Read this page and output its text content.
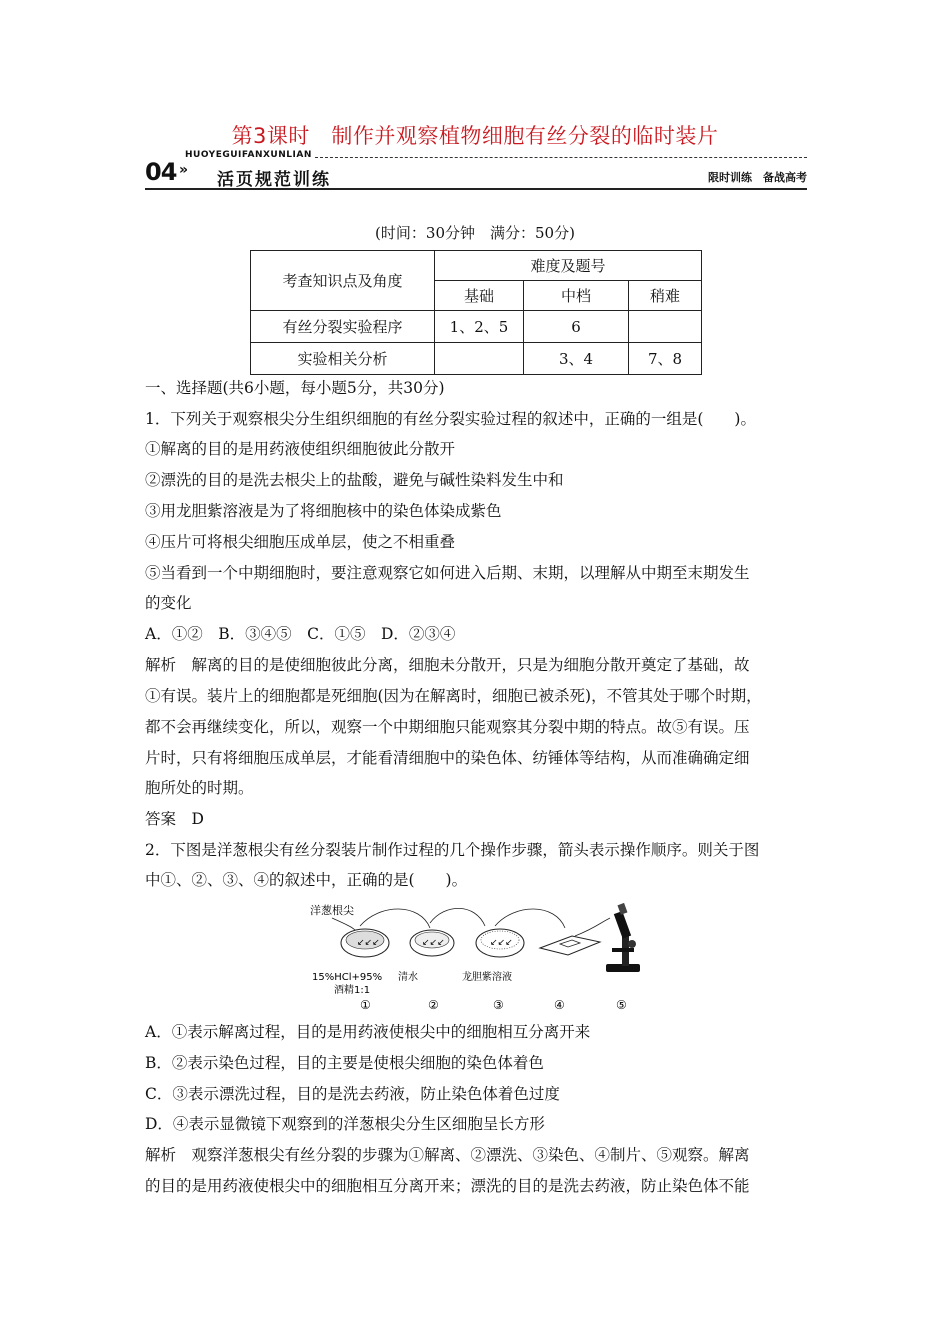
第3课时　制作并观察植物细胞有丝分裂的临时装片
04 »
HUOYEGUIFANXUNLIAN
活页规范训练	限时训练　备战高考
(时间：30分钟　满分：50分)
考查知识点及角度	难度及题号		
	基础	中档	稍难
有丝分裂实验程序	1、2、5	6	
实验相关分析		3、4	7、8
一、选择题(共6小题，每小题5分，共30分)
1．下列关于观察根尖分生组织细胞的有丝分裂实验过程的叙述中，正确的一组是(　　)。
①解离的目的是用药液使组织细胞彼此分散开
②漂洗的目的是洗去根尖上的盐酸，避免与碱性染料发生中和
③用龙胆紫溶液是为了将细胞核中的染色体染成紫色
④压片可将根尖细胞压成单层，使之不相重叠
⑤当看到一个中期细胞时，要注意观察它如何进入后期、末期，以理解从中期至末期发生
的变化
A．①②　B．③④⑤　C．①⑤　D．②③④
解析　解离的目的是使细胞彼此分离，细胞未分散开，只是为细胞分散开奠定了基础，故
①有误。装片上的细胞都是死细胞(因为在解离时，细胞已被杀死)，不管其处于哪个时期，
都不会再继续变化，所以，观察一个中期细胞只能观察其分裂中期的特点。故⑤有误。压
片时，只有将细胞压成单层，才能看清细胞中的染色体、纺锤体等结构，从而准确确定细
胞所处的时期。
答案　D
2．下图是洋葱根尖有丝分裂装片制作过程的几个操作步骤，箭头表示操作顺序。则关于图
中①、②、③、④的叙述中，正确的是(　　)。
洋葱根尖
↙↙↙	↙↙↙	↙↙↙
15%HCl+95% 清水	龙胆紫溶液
酒精1:1
①	②	③	④	⑤
A．①表示解离过程，目的是用药液使根尖中的细胞相互分离开来
B．②表示染色过程，目的主要是使根尖细胞的染色体着色
C．③表示漂洗过程，目的是洗去药液，防止染色体着色过度
D．④表示显微镜下观察到的洋葱根尖分生区细胞呈长方形
解析　观察洋葱根尖有丝分裂的步骤为①解离、②漂洗、③染色、④制片、⑤观察。解离
的目的是用药液使根尖中的细胞相互分离开来；漂洗的目的是洗去药液，防止染色体不能
